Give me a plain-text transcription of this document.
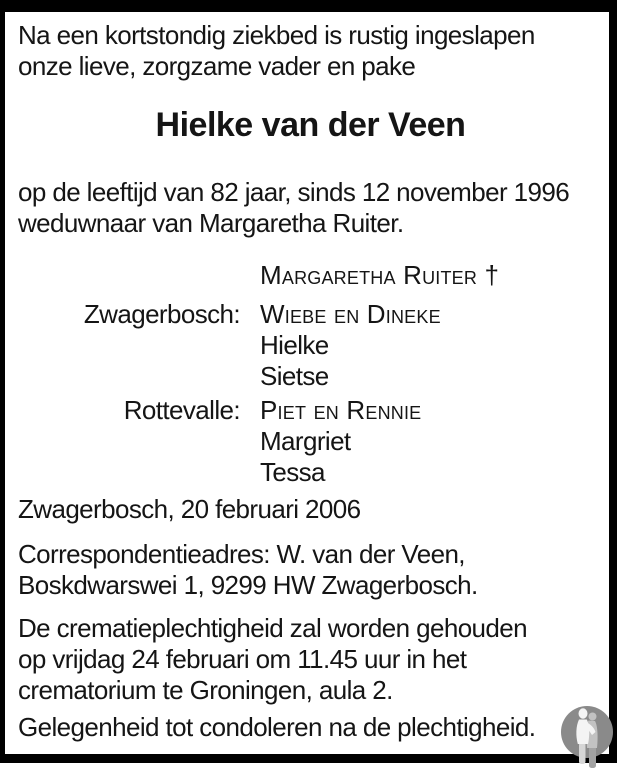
Na een kortstondig ziekbed is rustig ingeslapen
onze lieve, zorgzame vader en pake
Hielke van der Veen
op de leeftijd van 82 jaar, sinds 12 november 1996
weduwnaar van Margaretha Ruiter.
Margaretha Ruiter †
Zwagerbosch: Wiebe en Dineke
Hielke
Sietse
Rottevalle: Piet en Rennie
Margriet
Tessa
Zwagerbosch, 20 februari 2006
Correspondentieadres: W. van der Veen,
Boskdwarswei 1, 9299 HW Zwagerbosch.
De crematieplechtigheid zal worden gehouden
op vrijdag 24 februari om 11.45 uur in het
crematorium te Groningen, aula 2.
Gelegenheid tot condoleren na de plechtigheid.
